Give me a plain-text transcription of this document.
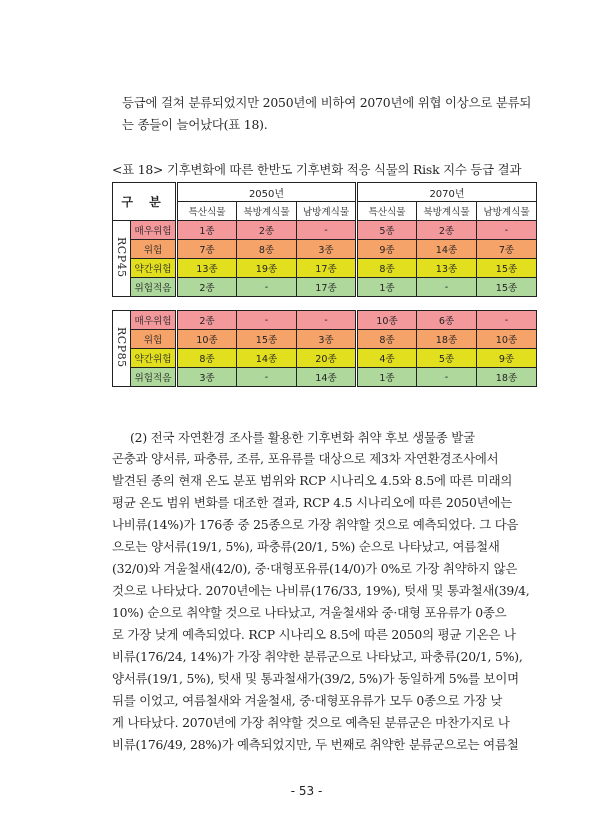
등급에 걸쳐 분류되었지만 2050년에 비하여 2070년에 위협 이상으로 분류되
는 종들이 늘어났다(표 18).
<표 18> 기후변화에 따른 한반도 기후변화 적응 식물의 Risk 지수 등급 결과
구 분		2050년			2070년		
		특산식물	북방계식물	남방계식물	특산식물	북방계식물	남방계식물
RCP45	매우위험	1종	2종	-	5종	2종	-
	위험	7종	8종	3종	9종	14종	7종
	약간위험	13종	19종	17종	8종	13종	15종
	위험적음	2종	-	17종	1종	-	15종
RCP85	매우위험	2종	-	-	10종	6종	-
	위험	10종	15종	3종	8종	18종	10종
	약간위험	8종	14종	20종	4종	5종	9종
	위험적음	3종	-	14종	1종	-	18종
(2) 전국 자연환경 조사를 활용한 기후변화 취약 후보 생물종 발굴
곤충과 양서류, 파충류, 조류, 포유류를 대상으로 제3차 자연환경조사에서
발견된 종의 현재 온도 분포 범위와 RCP 시나리오 4.5와 8.5에 따른 미래의
평균 온도 범위 변화를 대조한 결과, RCP 4.5 시나리오에 따른 2050년에는
나비류(14%)가 176종 중 25종으로 가장 취약할 것으로 예측되었다. 그 다음
으로는 양서류(19/1, 5%), 파충류(20/1, 5%) 순으로 나타났고, 여름철새
(32/0)와 겨울철새(42/0), 중·대형포유류(14/0)가 0%로 가장 취약하지 않은
것으로 나타났다. 2070년에는 나비류(176/33, 19%), 텃새 및 통과철새(39/4,
10%) 순으로 취약할 것으로 나타났고, 겨울철새와 중·대형 포유류가 0종으
로 가장 낮게 예측되었다. RCP 시나리오 8.5에 따른 2050의 평균 기온은 나
비류(176/24, 14%)가 가장 취약한 분류군으로 나타났고, 파충류(20/1, 5%),
양서류(19/1, 5%), 텃새 및 통과철새가(39/2, 5%)가 동일하게 5%를 보이며
뒤를 이었고, 여름철새와 겨울철새, 중·대형포유류가 모두 0종으로 가장 낮
게 나타났다. 2070년에 가장 취약할 것으로 예측된 분류군은 마찬가지로 나
비류(176/49, 28%)가 예측되었지만, 두 번째로 취약한 분류군으로는 여름철
- 53 -
